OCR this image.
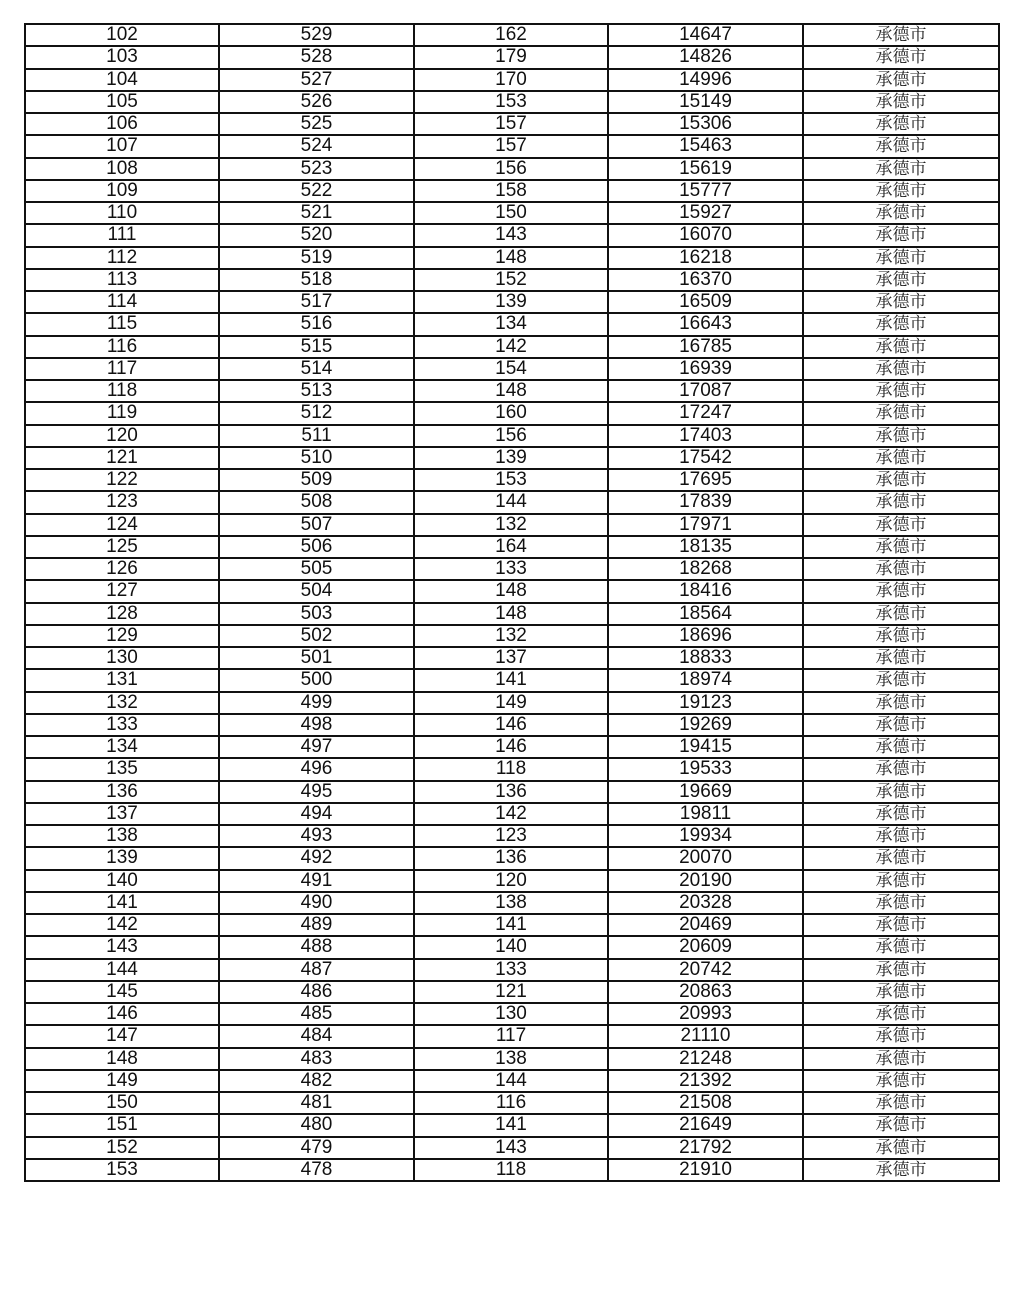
102	529	162	14647	承德市
103	528	179	14826	承德市
104	527	170	14996	承德市
105	526	153	15149	承德市
106	525	157	15306	承德市
107	524	157	15463	承德市
108	523	156	15619	承德市
109	522	158	15777	承德市
110	521	150	15927	承德市
111	520	143	16070	承德市
112	519	148	16218	承德市
113	518	152	16370	承德市
114	517	139	16509	承德市
115	516	134	16643	承德市
116	515	142	16785	承德市
117	514	154	16939	承德市
118	513	148	17087	承德市
119	512	160	17247	承德市
120	511	156	17403	承德市
121	510	139	17542	承德市
122	509	153	17695	承德市
123	508	144	17839	承德市
124	507	132	17971	承德市
125	506	164	18135	承德市
126	505	133	18268	承德市
127	504	148	18416	承德市
128	503	148	18564	承德市
129	502	132	18696	承德市
130	501	137	18833	承德市
131	500	141	18974	承德市
132	499	149	19123	承德市
133	498	146	19269	承德市
134	497	146	19415	承德市
135	496	118	19533	承德市
136	495	136	19669	承德市
137	494	142	19811	承德市
138	493	123	19934	承德市
139	492	136	20070	承德市
140	491	120	20190	承德市
141	490	138	20328	承德市
142	489	141	20469	承德市
143	488	140	20609	承德市
144	487	133	20742	承德市
145	486	121	20863	承德市
146	485	130	20993	承德市
147	484	117	21110	承德市
148	483	138	21248	承德市
149	482	144	21392	承德市
150	481	116	21508	承德市
151	480	141	21649	承德市
152	479	143	21792	承德市
153	478	118	21910	承德市
